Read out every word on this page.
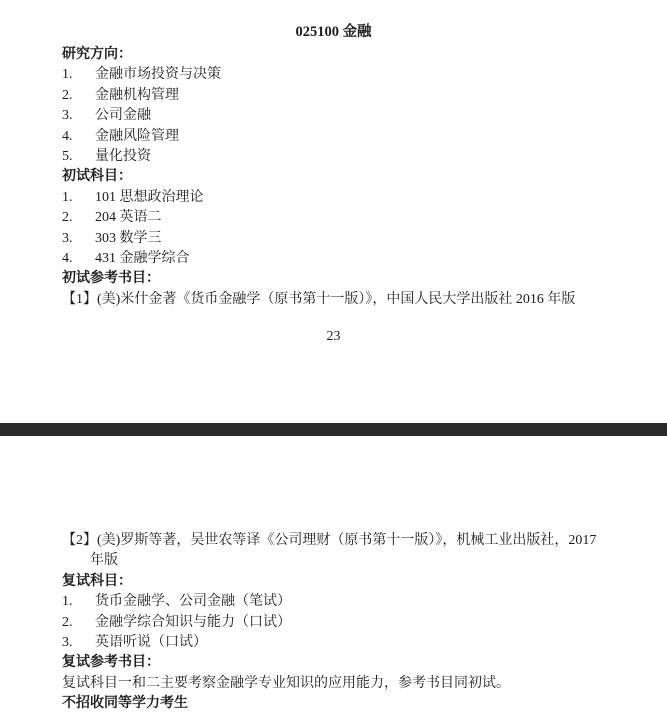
025100 金融
研究方向：
1. 金融市场投资与决策
2. 金融机构管理
3. 公司金融
4. 金融风险管理
5. 量化投资
初试科目：
1. 101 思想政治理论
2. 204 英语二
3. 303 数学三
4. 431 金融学综合
初试参考书目：
【1】(美)米什金著《货币金融学（原书第十一版）》，中国人民大学出版社 2016 年版
23
【2】(美)罗斯等著，吴世农等译《公司理财（原书第十一版）》，机械工业出版社，2017
年版
复试科目：
1. 货币金融学、公司金融（笔试）
2. 金融学综合知识与能力（口试）
3. 英语听说（口试）
复试参考书目：
复试科目一和二主要考察金融学专业知识的应用能力，参考书目同初试。
不招收同等学力考生
